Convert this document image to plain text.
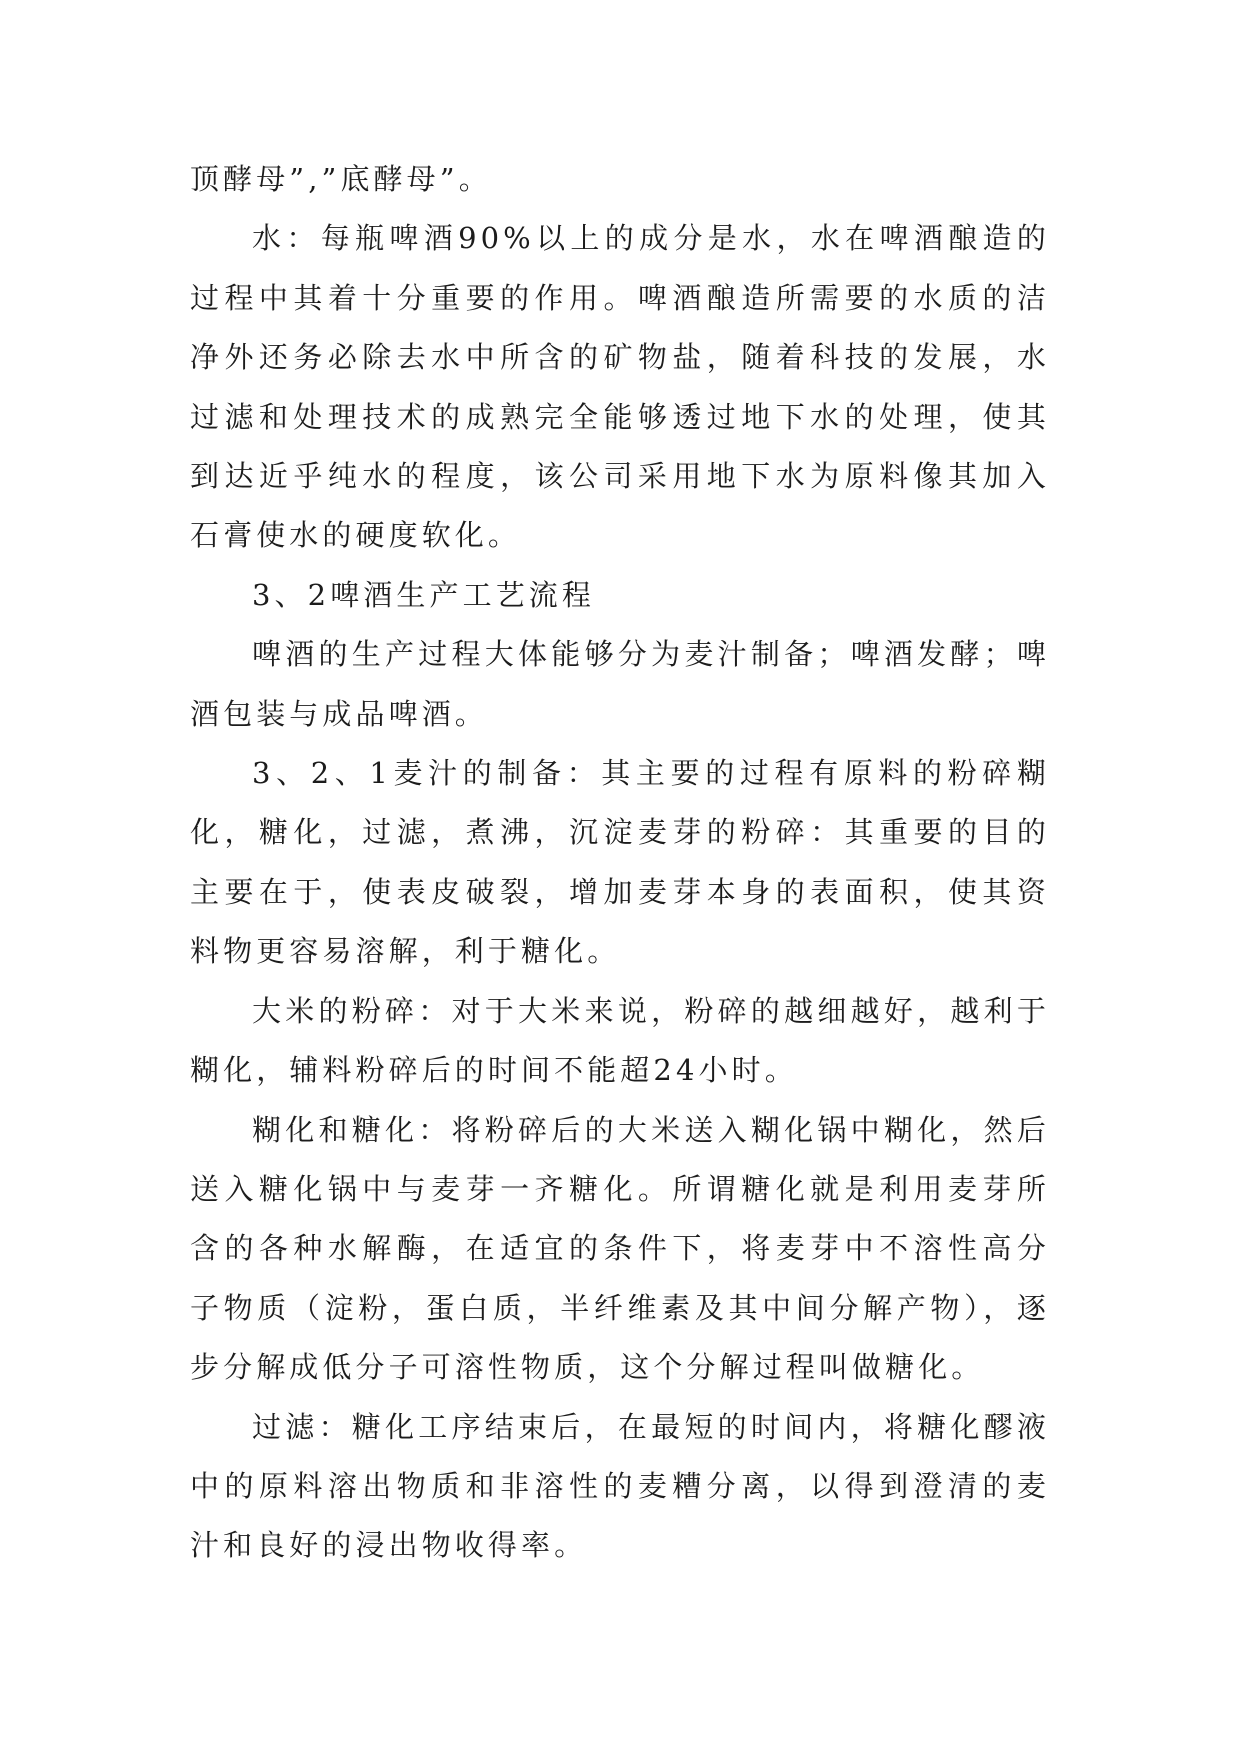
顶酵母”,”底酵母”。

水：每瓶啤酒90%以上的成分是水，水在啤酒酿造的过程中其着十分重要的作用。啤酒酿造所需要的水质的洁净外还务必除去水中所含的矿物盐，随着科技的发展，水过滤和处理技术的成熟完全能够透过地下水的处理，使其到达近乎纯水的程度，该公司采用地下水为原料像其加入石膏使水的硬度软化。

3、2啤酒生产工艺流程

啤酒的生产过程大体能够分为麦汁制备；啤酒发酵；啤酒包装与成品啤酒。

3、2、1麦汁的制备：其主要的过程有原料的粉碎糊化，糖化，过滤，煮沸，沉淀麦芽的粉碎：其重要的目的主要在于，使表皮破裂，增加麦芽本身的表面积，使其资料物更容易溶解，利于糖化。

大米的粉碎：对于大米来说，粉碎的越细越好，越利于糊化，辅料粉碎后的时间不能超24小时。

糊化和糖化：将粉碎后的大米送入糊化锅中糊化，然后送入糖化锅中与麦芽一齐糖化。所谓糖化就是利用麦芽所含的各种水解酶，在适宜的条件下，将麦芽中不溶性高分子物质（淀粉，蛋白质，半纤维素及其中间分解产物），逐步分解成低分子可溶性物质，这个分解过程叫做糖化。

过滤：糖化工序结束后，在最短的时间内，将糖化醪液中的原料溶出物质和非溶性的麦糟分离，以得到澄清的麦汁和良好的浸出物收得率。
